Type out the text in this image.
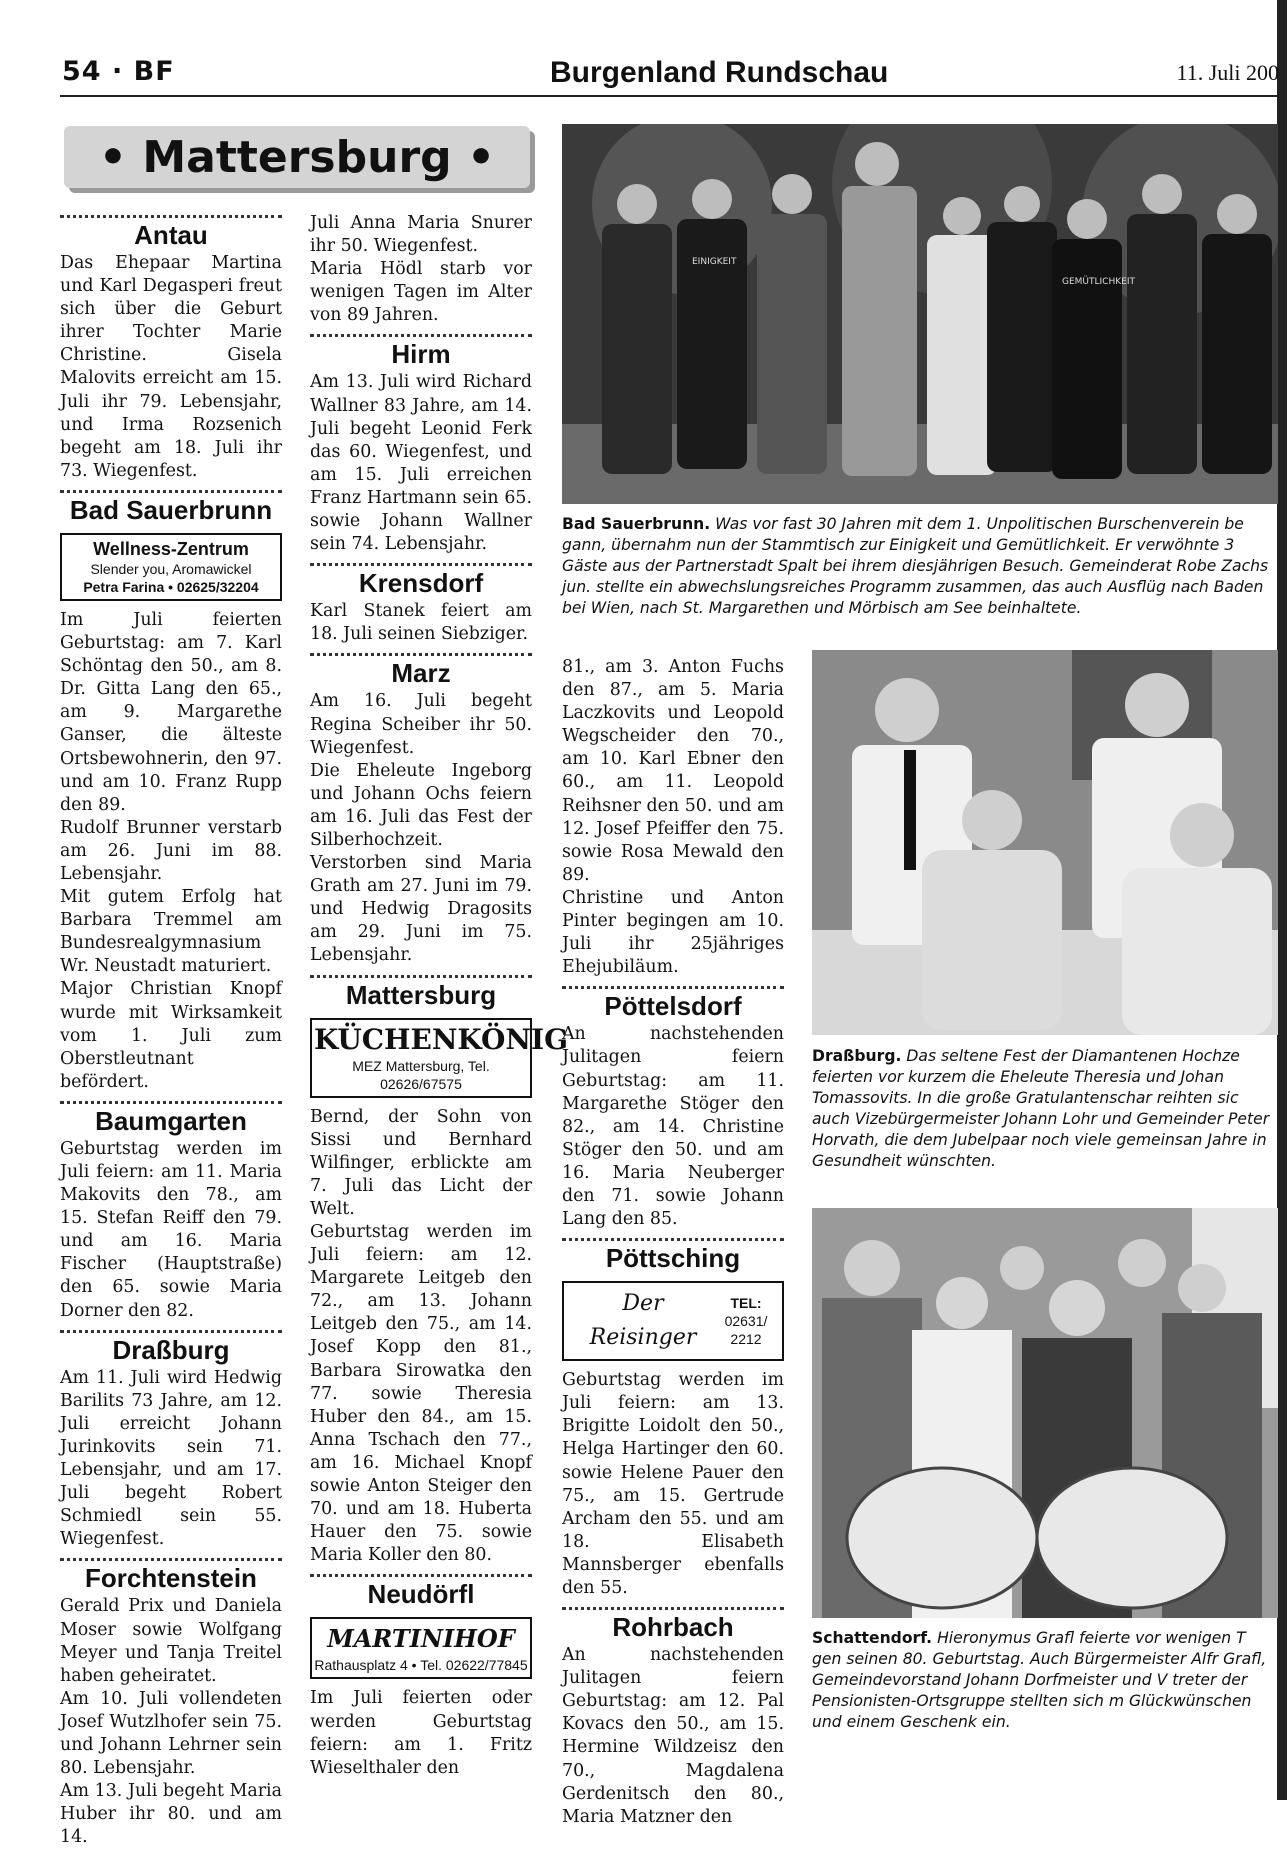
54 · BF	Burgenland Rundschau	11. Juli 200
• Mattersburg •
Antau

Das Ehepaar Martina und Karl Degasperi freut sich über die Geburt ihrer Tochter Marie Christine. Gisela Malovits erreicht am 15. Juli ihr 79. Lebensjahr, und Irma Rozsenich begeht am 18. Juli ihr 73. Wiegenfest.

Bad Sauerbrunn
Wellness-Zentrum
Slender you, Aromawickel
Petra Farina • 02625/32204

Im Juli feierten Geburtstag: am 7. Karl Schöntag den 50., am 8. Dr. Gitta Lang den 65., am 9. Margarethe Ganser, die älteste Ortsbewohnerin, den 97. und am 10. Franz Rupp den 89.

Rudolf Brunner verstarb am 26. Juni im 88. Lebensjahr.

Mit gutem Erfolg hat Barbara Tremmel am Bundesrealgymnasium Wr. Neustadt maturiert.

Major Christian Knopf wurde mit Wirksamkeit vom 1. Juli zum Oberstleutnant befördert.

Baumgarten

Geburtstag werden im Juli feiern: am 11. Maria Makovits den 78., am 15. Stefan Reiff den 79. und am 16. Maria Fischer (Hauptstraße) den 65. sowie Maria Dorner den 82.

Draßburg

Am 11. Juli wird Hedwig Barilits 73 Jahre, am 12. Juli erreicht Johann Jurinkovits sein 71. Lebensjahr, und am 17. Juli begeht Robert Schmiedl sein 55. Wiegenfest.

Forchtenstein

Gerald Prix und Daniela Moser sowie Wolfgang Meyer und Tanja Treitel haben geheiratet.

Am 10. Juli vollendeten Josef Wutzlhofer sein 75. und Johann Lehrner sein 80. Lebensjahr.

Am 13. Juli begeht Maria Huber ihr 80. und am 14.

Juli Anna Maria Snurer ihr 50. Wiegenfest.

Maria Hödl starb vor wenigen Tagen im Alter von 89 Jahren.

Hirm

Am 13. Juli wird Richard Wallner 83 Jahre, am 14. Juli begeht Leonid Ferk das 60. Wiegenfest, und am 15. Juli erreichen Franz Hartmann sein 65. sowie Johann Wallner sein 74. Lebensjahr.

Krensdorf

Karl Stanek feiert am 18. Juli seinen Siebziger.

Marz

Am 16. Juli begeht Regina Scheiber ihr 50. Wiegenfest.

Die Eheleute Ingeborg und Johann Ochs feiern am 16. Juli das Fest der Silberhochzeit.

Verstorben sind Maria Grath am 27. Juni im 79. und Hedwig Dragosits am 29. Juni im 75. Lebensjahr.

Mattersburg
KÜCHENKÖNIG
MEZ Mattersburg, Tel. 02626/67575

Bernd, der Sohn von Sissi und Bernhard Wilfinger, erblickte am 7. Juli das Licht der Welt.

Geburtstag werden im Juli feiern: am 12. Margarete Leitgeb den 72., am 13. Johann Leitgeb den 75., am 14. Josef Kopp den 81., Barbara Sirowatka den 77. sowie Theresia Huber den 84., am 15. Anna Tschach den 77., am 16. Michael Knopf sowie Anton Steiger den 70. und am 18. Huberta Hauer den 75. sowie Maria Koller den 80.

Neudörfl
MARTINIHOF
Rathausplatz 4 • Tel. 02622/77845

Im Juli feierten oder werden Geburtstag feiern: am 1. Fritz Wieselthaler den

81., am 3. Anton Fuchs den 87., am 5. Maria Laczkovits und Leopold Wegscheider den 70., am 10. Karl Ebner den 60., am 11. Leopold Reihsner den 50. und am 12. Josef Pfeiffer den 75. sowie Rosa Mewald den 89.

Christine und Anton Pinter begingen am 10. Juli ihr 25jähriges Ehejubiläum.

Pöttelsdorf

An nachstehenden Julitagen feiern Geburtstag: am 11. Margarethe Stöger den 82., am 14. Christine Stöger den 50. und am 16. Maria Neuberger den 71. sowie Johann Lang den 85.

Pöttsching
Der Reisinger
TEL:
02631/ 2212

Geburtstag werden im Juli feiern: am 13. Brigitte Loidolt den 50., Helga Hartinger den 60. sowie Helene Pauer den 75., am 15. Gertrude Archam den 55. und am 18. Elisabeth Mannsberger ebenfalls den 55.

Rohrbach

An nachstehenden Julitagen feiern Geburtstag: am 12. Pal Kovacs den 50., am 15. Hermine Wildzeisz den 70., Magdalena Gerdenitsch den 80., Maria Matzner den

EINIGKEIT
GEMÜTLICHKEIT
Bad Sauerbrunn. Was vor fast 30 Jahren mit dem 1. Unpolitischen Burschenverein be gann, übernahm nun der Stammtisch zur Einigkeit und Gemütlichkeit. Er verwöhnte 3 Gäste aus der Partnerstadt Spalt bei ihrem diesjährigen Besuch. Gemeinderat Robe Zachs jun. stellte ein abwechslungsreiches Programm zusammen, das auch Ausflüg nach Baden bei Wien, nach St. Margarethen und Mörbisch am See beinhaltete.
Draßburg. Das seltene Fest der Diamantenen Hochze feierten vor kurzem die Eheleute Theresia und Johan Tomassovits. In die große Gratulantenschar reihten sic auch Vizebürgermeister Johann Lohr und Gemeinder Peter Horvath, die dem Jubelpaar noch viele gemeinsan Jahre in Gesundheit wünschten.
Schattendorf. Hieronymus Grafl feierte vor wenigen T gen seinen 80. Geburtstag. Auch Bürgermeister Alfr Grafl, Gemeindevorstand Johann Dorfmeister und V treter der Pensionisten-Ortsgruppe stellten sich m Glückwünschen und einem Geschenk ein.
